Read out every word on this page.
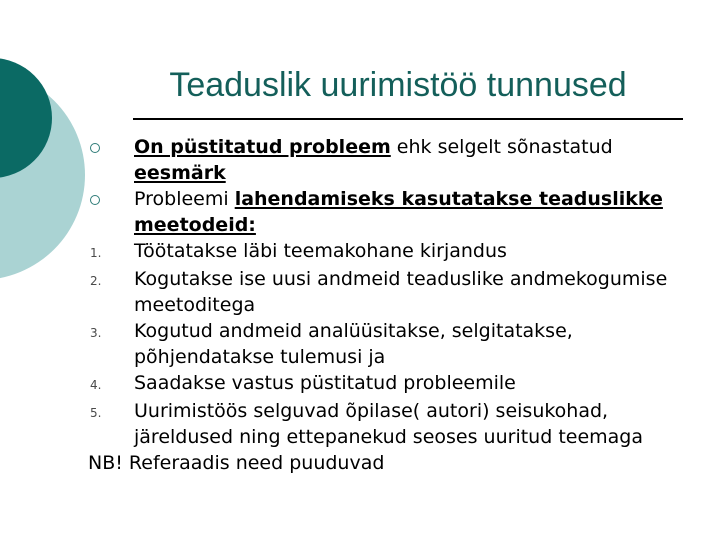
Teaduslik uurimistöö tunnused
On püstitatud probleem ehk selgelt sõnastatud eesmärk
Probleemi lahendamiseks kasutatakse teaduslikke meetodeid:
1.	Töötatakse läbi teemakohane kirjandus
2.	Kogutakse ise uusi andmeid teaduslike andmekogumise meetoditega
3.	Kogutud andmeid analüüsitakse, selgitatakse, põhjendatakse tulemusi ja
4.	Saadakse vastus püstitatud probleemile
5.	Uurimistöös selguvad õpilase( autori) seisukohad, järeldused ning ettepanekud seoses uuritud teemaga
NB! Referaadis need puuduvad
